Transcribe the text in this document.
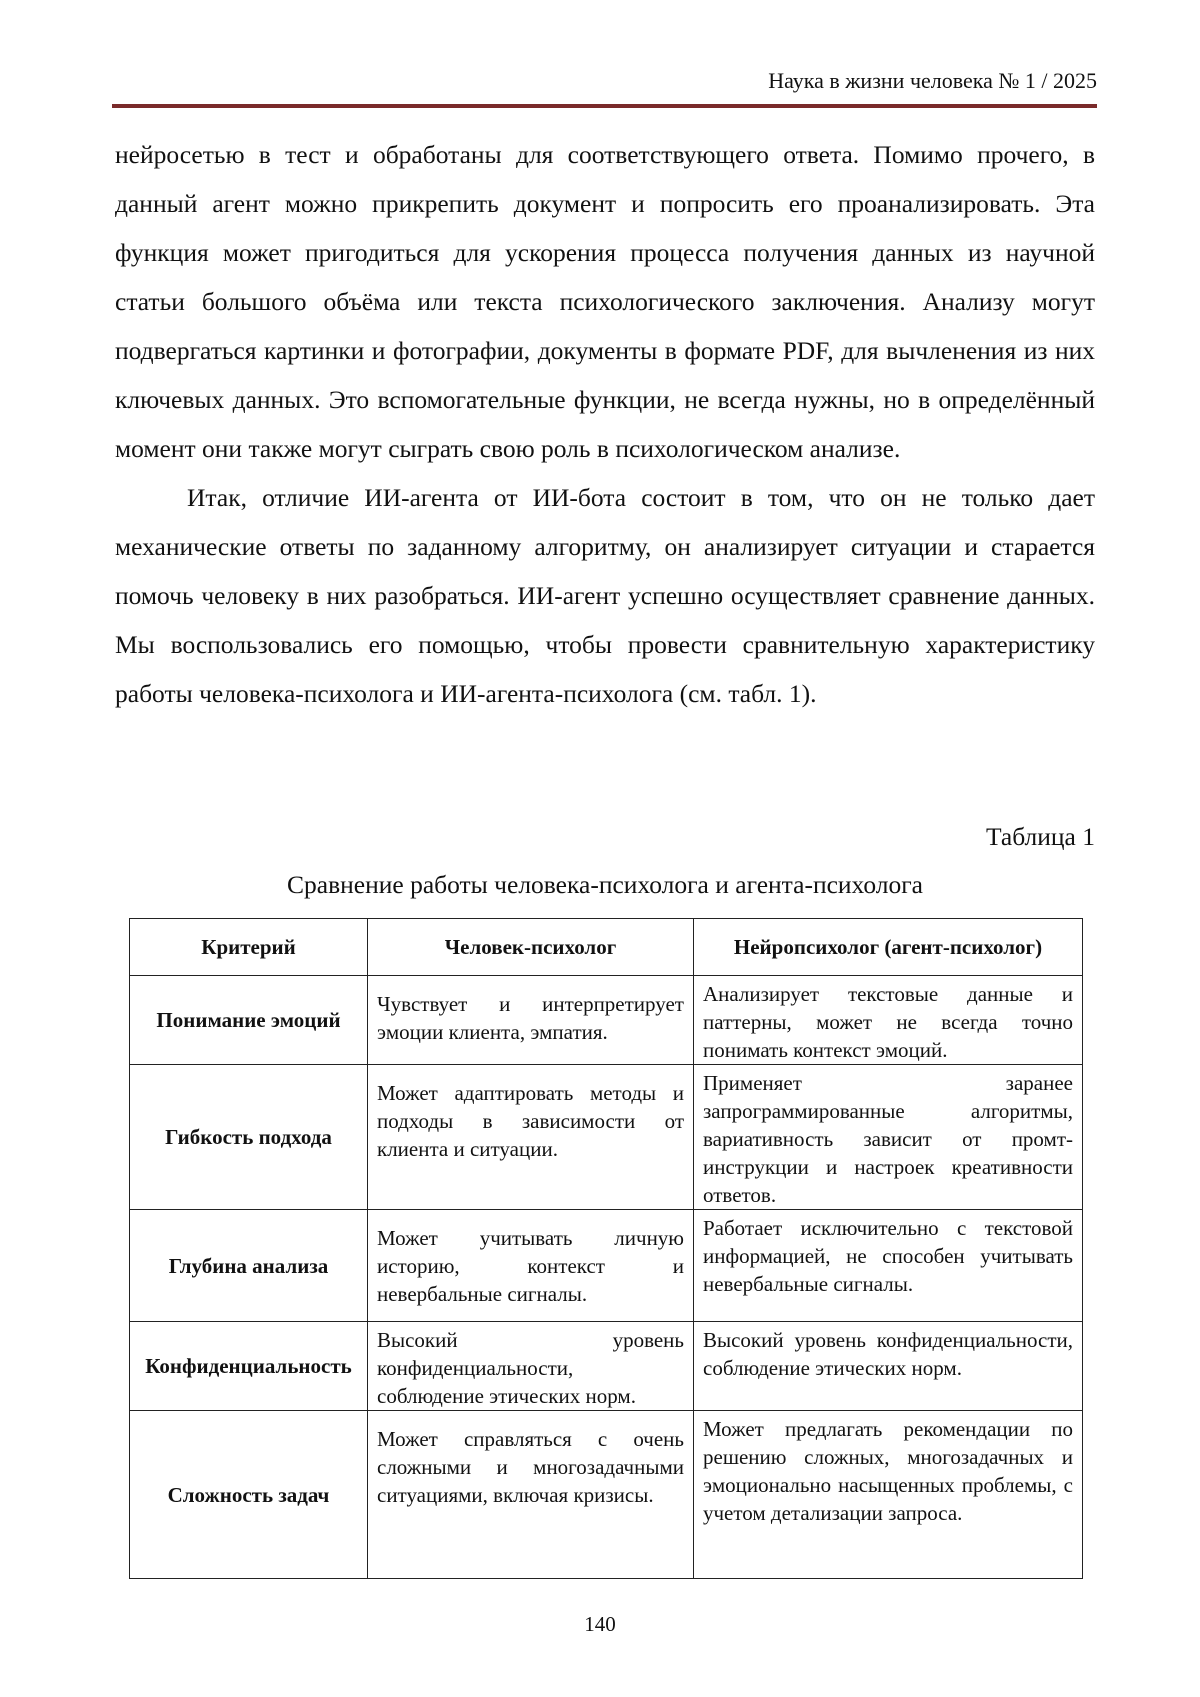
Наука в жизни человека № 1 / 2025

нейросетью в тест и обработаны для соответствующего ответа. Помимо прочего, в данный агент можно прикрепить документ и попросить его проанализировать. Эта функция может пригодиться для ускорения процесса получения данных из научной статьи большого объёма или текста психологического заключения. Анализу могут подвергаться картинки и фотографии, документы в формате PDF, для вычленения из них ключевых данных. Это вспомогательные функции, не всегда нужны, но в определённый момент они также могут сыграть свою роль в психологическом анализе.

Итак, отличие ИИ-агента от ИИ-бота состоит в том, что он не только дает механические ответы по заданному алгоритму, он анализирует ситуации и старается помочь человеку в них разобраться. ИИ-агент успешно осуществляет сравнение данных. Мы воспользовались его помощью, чтобы провести сравнительную характеристику работы человека-психолога и ИИ-агента-психолога (см. табл. 1).

Таблица 1
Сравнение работы человека-психолога и агента-психолога
Критерий	Человек-психолог	Нейропсихолог (агент-психолог)
Понимание эмоций	Чувствует и интерпретирует эмоции клиента, эмпатия.	Анализирует текстовые данные и паттерны, может не всегда точно понимать контекст эмоций.
Гибкость подхода	Может адаптировать методы и подходы в зависимости от клиента и ситуации.	Применяет заранее запрограммированные алгоритмы, вариативность зависит от промт-инструкции и настроек креативности ответов.
Глубина анализа	Может учитывать личную историю, контекст и невербальные сигналы.	Работает исключительно с текстовой информацией, не способен учитывать невербальные сигналы.
Конфиденциальность	Высокий уровень конфиденциальности, соблюдение этических норм.	Высокий уровень конфиденциальности, соблюдение этических норм.
Сложность задач	Может справляться с очень сложными и многозадачными ситуациями, включая кризисы.	Может предлагать рекомендации по решению сложных, многозадачных и эмоционально насыщенных проблемы, с учетом детализации запроса.
140
